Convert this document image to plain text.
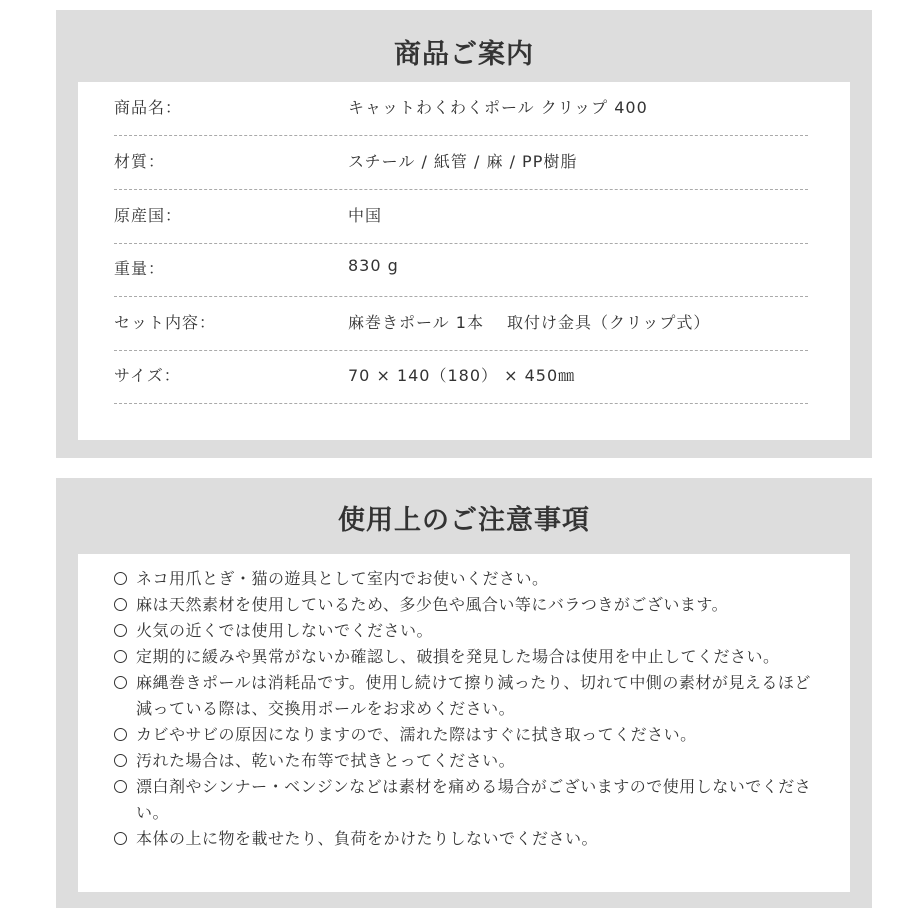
商品ご案内
商品名：	キャットわくわくポール クリップ 400
材質：	スチール / 紙管 / 麻 / PP樹脂
原産国：	中国
重量：	830 g
セット内容：	麻巻きポール 1本　 取付け金具（クリップ式）
サイズ：	70 × 140（180） × 450㎜
使用上のご注意事項
ネコ用爪とぎ・猫の遊具として室内でお使いください。
麻は天然素材を使用しているため、多少色や風合い等にバラつきがございます。
火気の近くでは使用しないでください。
定期的に緩みや異常がないか確認し、破損を発見した場合は使用を中止してください。
麻縄巻きポールは消耗品です。使用し続けて擦り減ったり、切れて中側の素材が見えるほど減っている際は、交換用ポールをお求めください。
カビやサビの原因になりますので、濡れた際はすぐに拭き取ってください。
汚れた場合は、乾いた布等で拭きとってください。
漂白剤やシンナー・ベンジンなどは素材を痛める場合がございますので使用しないでください。
本体の上に物を載せたり、負荷をかけたりしないでください。
